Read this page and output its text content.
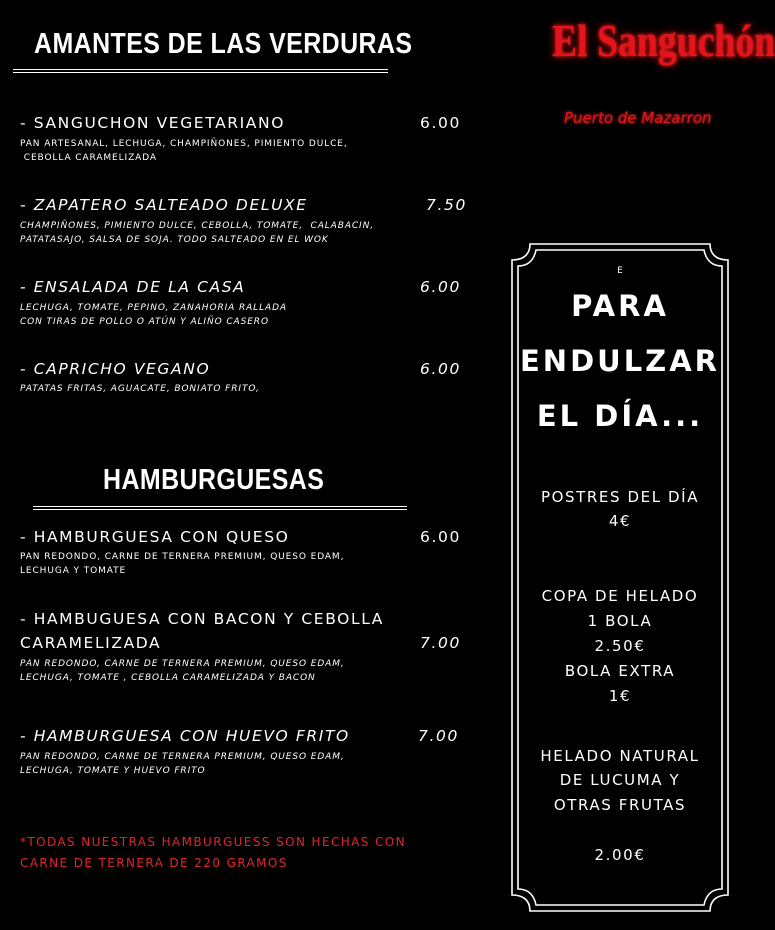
AMANTES DE LAS VERDURAS
- SANGUCHON VEGETARIANO	6.00
PAN ARTESANAL, LECHUGA, CHAMPIÑONES, PIMIENTO DULCE,
CEBOLLA CARAMELIZADA
- ZAPATERO SALTEADO DELUXE	7.50
CHAMPIÑONES, PIMIENTO DULCE, CEBOLLA, TOMATE,  CALABACIN,
PATATASAJO, SALSA DE SOJA. TODO SALTEADO EN EL WOK
- ENSALADA DE LA CASA	6.00
LECHUGA, TOMATE, PEPINO, ZANAHORIA RALLADA
CON TIRAS DE POLLO O ATÚN Y ALIÑO CASERO
- CAPRICHO VEGANO	6.00
PATATAS FRITAS, AGUACATE, BONIATO FRITO,
HAMBURGUESAS
- HAMBURGUESA CON QUESO	6.00
PAN REDONDO, CARNE DE TERNERA PREMIUM, QUESO EDAM,
LECHUGA Y TOMATE
- HAMBUGUESA CON BACON Y CEBOLLA
CARAMELIZADA	7.00
PAN REDONDO, CARNE DE TERNERA PREMIUM, QUESO EDAM,
LECHUGA, TOMATE , CEBOLLA CARAMELIZADA Y BACON
- HAMBURGUESA CON HUEVO FRITO	7.00
PAN REDONDO, CARNE DE TERNERA PREMIUM, QUESO EDAM,
LECHUGA, TOMATE Y HUEVO FRITO
*TODAS NUESTRAS HAMBURGUESS SON HECHAS CON
CARNE DE TERNERA DE 220 GRAMOS
El Sanguchón
Puerto de Mazarron
E
PARA
ENDULZAR
EL DÍA...
POSTRES DEL DÍA
4€
COPA DE HELADO
1 BOLA
2.50€
BOLA EXTRA
1€
HELADO NATURAL
DE LUCUMA Y
OTRAS FRUTAS
2.00€
